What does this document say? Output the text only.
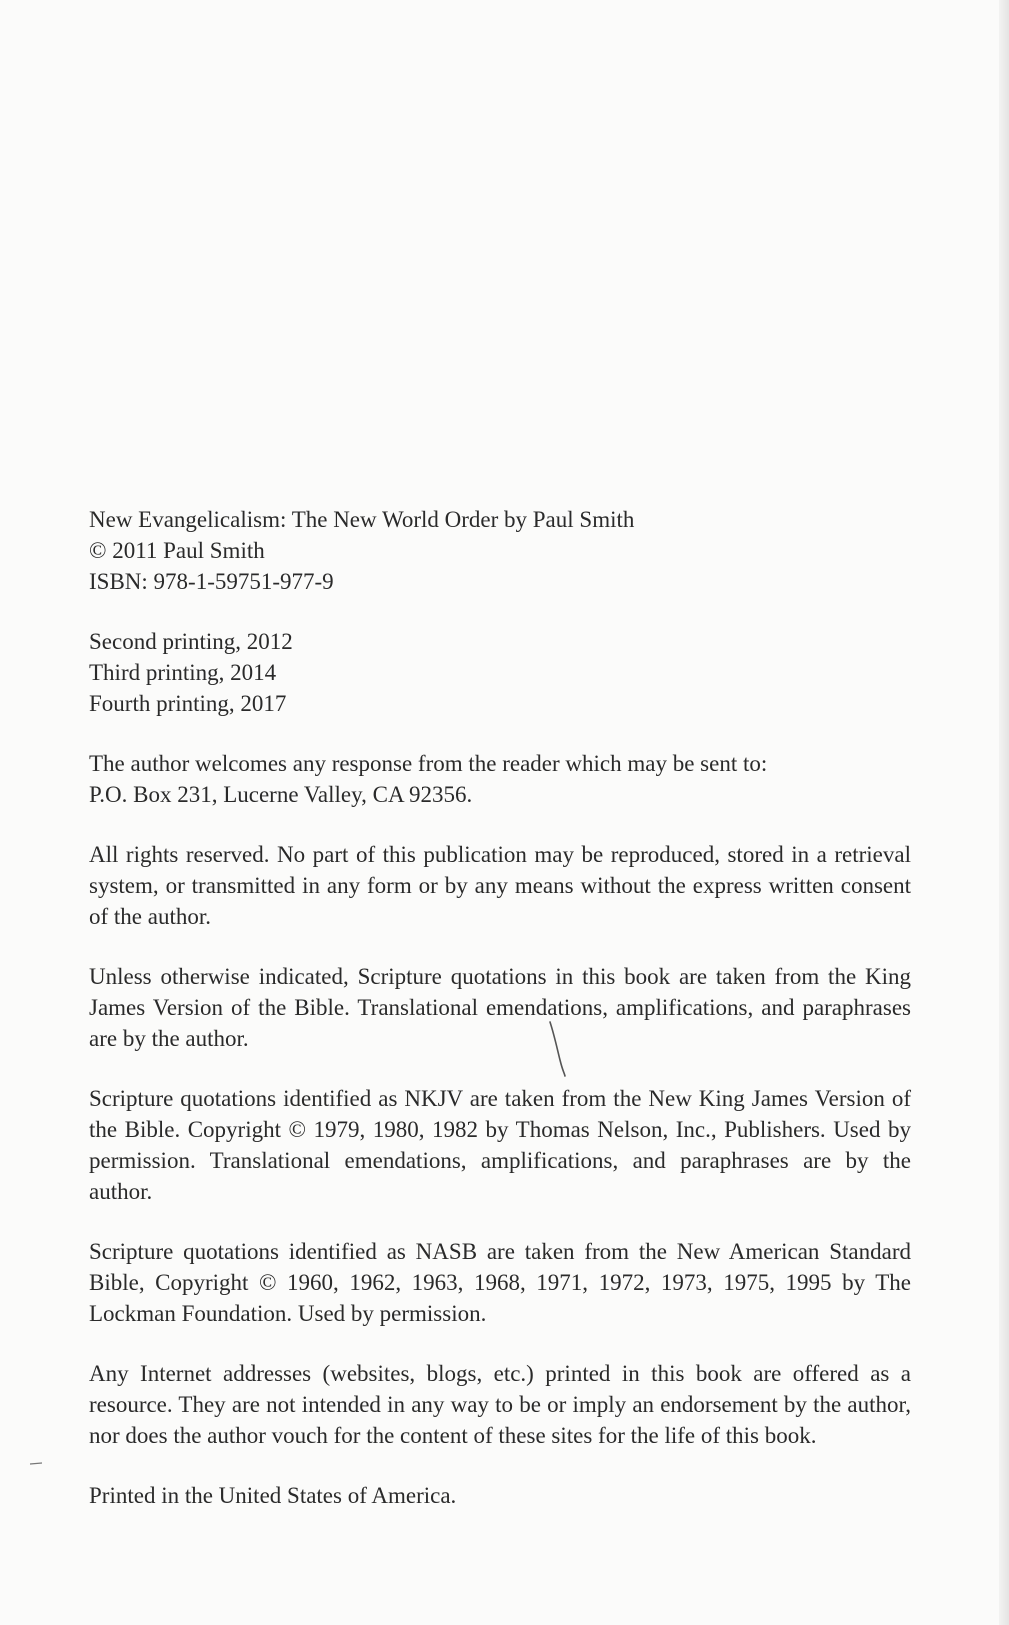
New Evangelicalism: The New World Order by Paul Smith
© 2011 Paul Smith
ISBN: 978-1-59751-977-9

Second printing, 2012
Third printing, 2014
Fourth printing, 2017

The author welcomes any response from the reader which may be sent to:
P.O. Box 231, Lucerne Valley, CA 92356.

All rights reserved. No part of this publication may be reproduced, stored in a retrieval system, or transmitted in any form or by any means without the express written consent of the author.

Unless otherwise indicated, Scripture quotations in this book are taken from the King James Version of the Bible. Translational emendations, amplifications, and paraphrases are by the author.

Scripture quotations identified as NKJV are taken from the New King James Version of the Bible. Copyright © 1979, 1980, 1982 by Thomas Nelson, Inc., Publishers. Used by permission. Translational emendations, amplifications, and paraphrases are by the author.

Scripture quotations identified as NASB are taken from the New American Standard Bible, Copyright © 1960, 1962, 1963, 1968, 1971, 1972, 1973, 1975, 1995 by The Lockman Foundation. Used by permission.

Any Internet addresses (websites, blogs, etc.) printed in this book are offered as a resource. They are not intended in any way to be or imply an endorsement by the author, nor does the author vouch for the content of these sites for the life of this book.

Printed in the United States of America.
